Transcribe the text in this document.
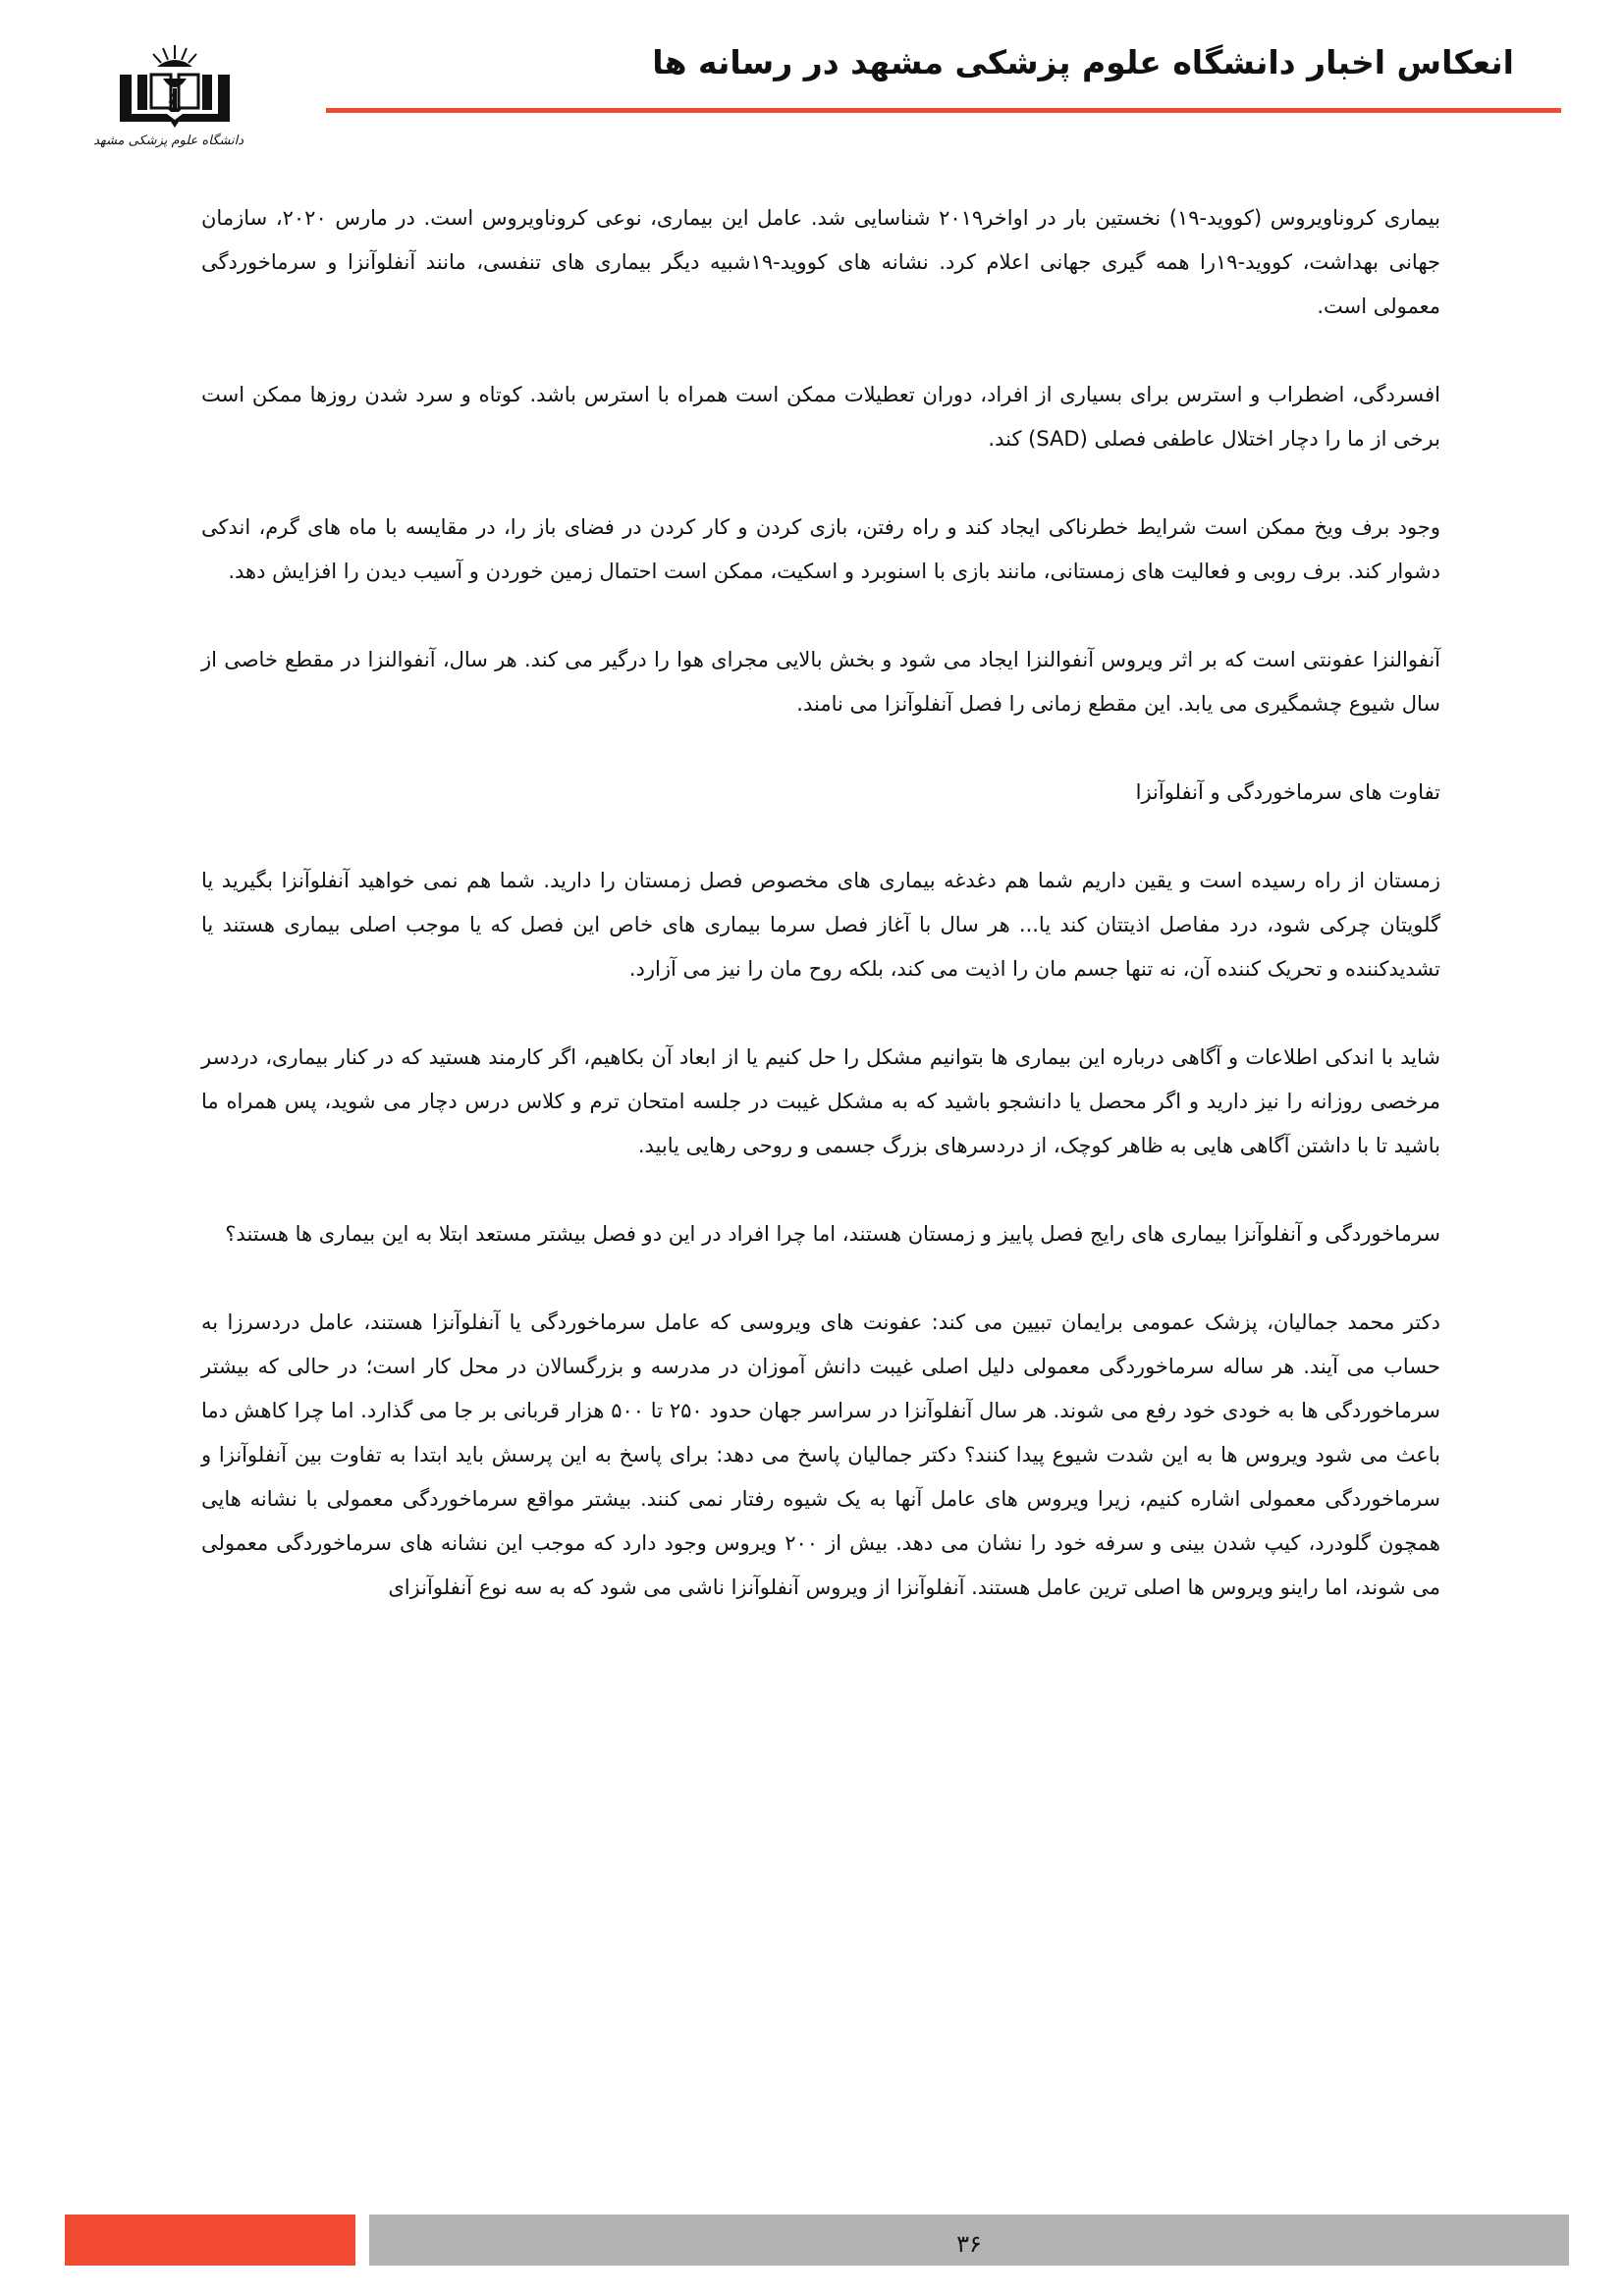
دانشگاه علوم پزشکی مشهد
انعکاس اخبار دانشگاه علوم پزشکی مشهد در رسانه ها

بیماری کروناویروس (کووید-۱۹) نخستین بار در اواخر۲۰۱۹ شناسایی شد. عامل این بیماری، نوعی کروناویروس است. در مارس ۲۰۲۰، سازمان جهانی بهداشت، کووید-۱۹را همه گیری جهانی اعلام کرد. نشانه های کووید-۱۹شبیه دیگر بیماری های تنفسی، مانند آنفلوآنزا و سرماخوردگی معمولی است.

افسردگی، اضطراب و استرس برای بسیاری از افراد، دوران تعطیلات ممکن است همراه با استرس باشد. کوتاه و سرد شدن روزها ممکن است برخی از ما را دچار اختلال عاطفی فصلی (SAD) کند.

وجود برف ویخ ممکن است شرایط خطرناکی ایجاد کند و راه رفتن، بازی کردن و کار کردن در فضای باز را، در مقایسه با ماه های گرم، اندکی دشوار کند. برف روبی و فعالیت های زمستانی، مانند بازی با اسنوبرد و اسکیت، ممکن است احتمال زمین خوردن و آسیب دیدن را افزایش دهد.

آنفوالنزا عفونتی است که بر اثر ویروس آنفوالنزا ایجاد می شود و بخش بالایی مجرای هوا را درگیر می کند. هر سال، آنفوالنزا در مقطع خاصی از سال شیوع چشمگیری می یابد. این مقطع زمانی را فصل آنفلوآنزا می نامند.

تفاوت های سرماخوردگی و آنفلوآنزا

زمستان از راه رسیده است و یقین داریم شما هم دغدغه بیماری های مخصوص فصل زمستان را دارید. شما هم نمی خواهید آنفلوآنزا بگیرید یا گلویتان چرکی شود، درد مفاصل اذیتتان کند یا... هر سال با آغاز فصل سرما بیماری های خاص این فصل که یا موجب اصلی بیماری هستند یا تشدیدکننده و تحریک کننده آن، نه تنها جسم مان را اذیت می کند، بلکه روح مان را نیز می آزارد.

شاید با اندکی اطلاعات و آگاهی درباره این بیماری ها بتوانیم مشکل را حل کنیم یا از ابعاد آن بکاهیم، اگر کارمند هستید که در کنار بیماری، دردسر مرخصی روزانه را نیز دارید و اگر محصل یا دانشجو باشید که به مشکل غیبت در جلسه امتحان ترم و کلاس درس دچار می شوید، پس همراه ما باشید تا با داشتن آگاهی هایی به ظاهر کوچک، از دردسرهای بزرگ جسمی و روحی رهایی یابید.

سرماخوردگی و آنفلوآنزا بیماری های رایج فصل پاییز و زمستان هستند، اما چرا افراد در این دو فصل بیشتر مستعد ابتلا به این بیماری ها هستند؟

دکتر محمد جمالیان، پزشک عمومی برایمان تبیین می کند: عفونت های ویروسی که عامل سرماخوردگی یا آنفلوآنزا هستند، عامل دردسرزا به حساب می آیند. هر ساله سرماخوردگی معمولی دلیل اصلی غیبت دانش آموزان در مدرسه و بزرگسالان در محل کار است؛ در حالی که بیشتر سرماخوردگی ها به خودی خود رفع می شوند. هر سال آنفلوآنزا در سراسر جهان حدود ۲۵۰ تا ۵۰۰ هزار قربانی بر جا می گذارد. اما چرا کاهش دما باعث می شود ویروس ها به این شدت شیوع پیدا کنند؟ دکتر جمالیان پاسخ می دهد: برای پاسخ به این پرسش باید ابتدا به تفاوت بین آنفلوآنزا و سرماخوردگی معمولی اشاره کنیم، زیرا ویروس های عامل آنها به یک شیوه رفتار نمی کنند. بیشتر مواقع سرماخوردگی معمولی با نشانه هایی همچون گلودرد، کیپ شدن بینی و سرفه خود را نشان می دهد. بیش از ۲۰۰ ویروس وجود دارد که موجب این نشانه های سرماخوردگی معمولی می شوند، اما راینو ویروس ها اصلی ترین عامل هستند. آنفلوآنزا از ویروس آنفلوآنزا ناشی می شود که به سه نوع آنفلوآنزای

۳۶
